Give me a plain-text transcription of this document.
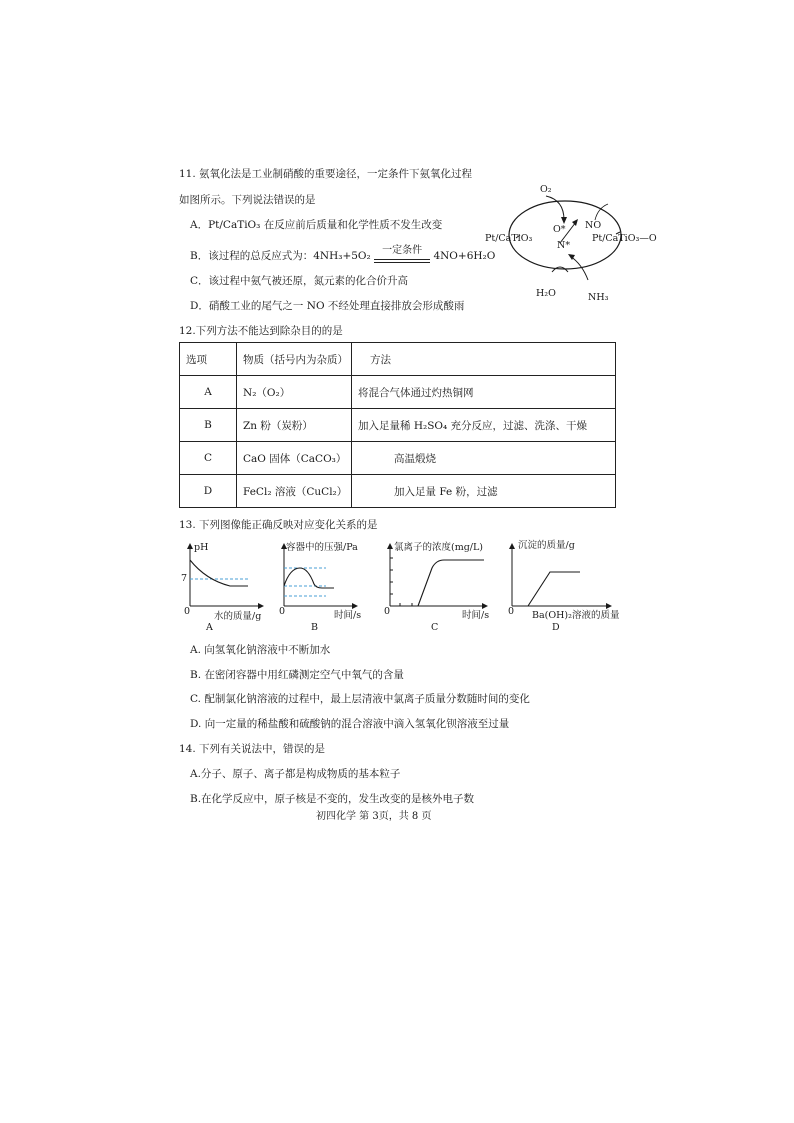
11. 氨氧化法是工业制硝酸的重要途径，一定条件下氨氧化过程
如图所示。下列说法错误的是
A．Pt/CaTiO₃ 在反应前后质量和化学性质不发生改变
B．该过程的总反应式为：4NH₃+5O₂	一定条件	4NO+6H₂O
C．该过程中氨气被还原，氮元素的化合价升高
D．硝酸工业的尾气之一 NO 不经处理直接排放会形成酸雨
O₂
O* NO
N*
Pt/CaTiO₃	Pt/CaTiO₃—O
H₂O	NH₃
12.下列方法不能达到除杂目的的是
选项	物质（括号内为杂质）	方法
A	N₂（O₂）	将混合气体通过灼热铜网
B	Zn 粉（炭粉）	加入足量稀 H₂SO₄ 充分反应，过滤、洗涤、干燥
C	CaO 固体（CaCO₃）	高温煅烧
D	FeCl₂ 溶液（CuCl₂）	加入足量 Fe 粉，过滤
13. 下列图像能正确反映对应变化关系的是
pH
7
0	水的质量/g
A
容器中的压强/Pa
0	时间/s
B
氯离子的浓度(mg/L)
0	时间/s
C
沉淀的质量/g
0 Ba(OH)₂溶液的质量
D
A. 向氢氧化钠溶液中不断加水
B. 在密闭容器中用红磷测定空气中氧气的含量
C. 配制氯化钠溶液的过程中，最上层清液中氯离子质量分数随时间的变化
D. 向一定量的稀盐酸和硫酸钠的混合溶液中滴入氢氧化钡溶液至过量
14. 下列有关说法中，错误的是
A.分子、原子、离子都是构成物质的基本粒子
B.在化学反应中，原子核是不变的，发生改变的是核外电子数
初四化学 第 3页，共 8 页
